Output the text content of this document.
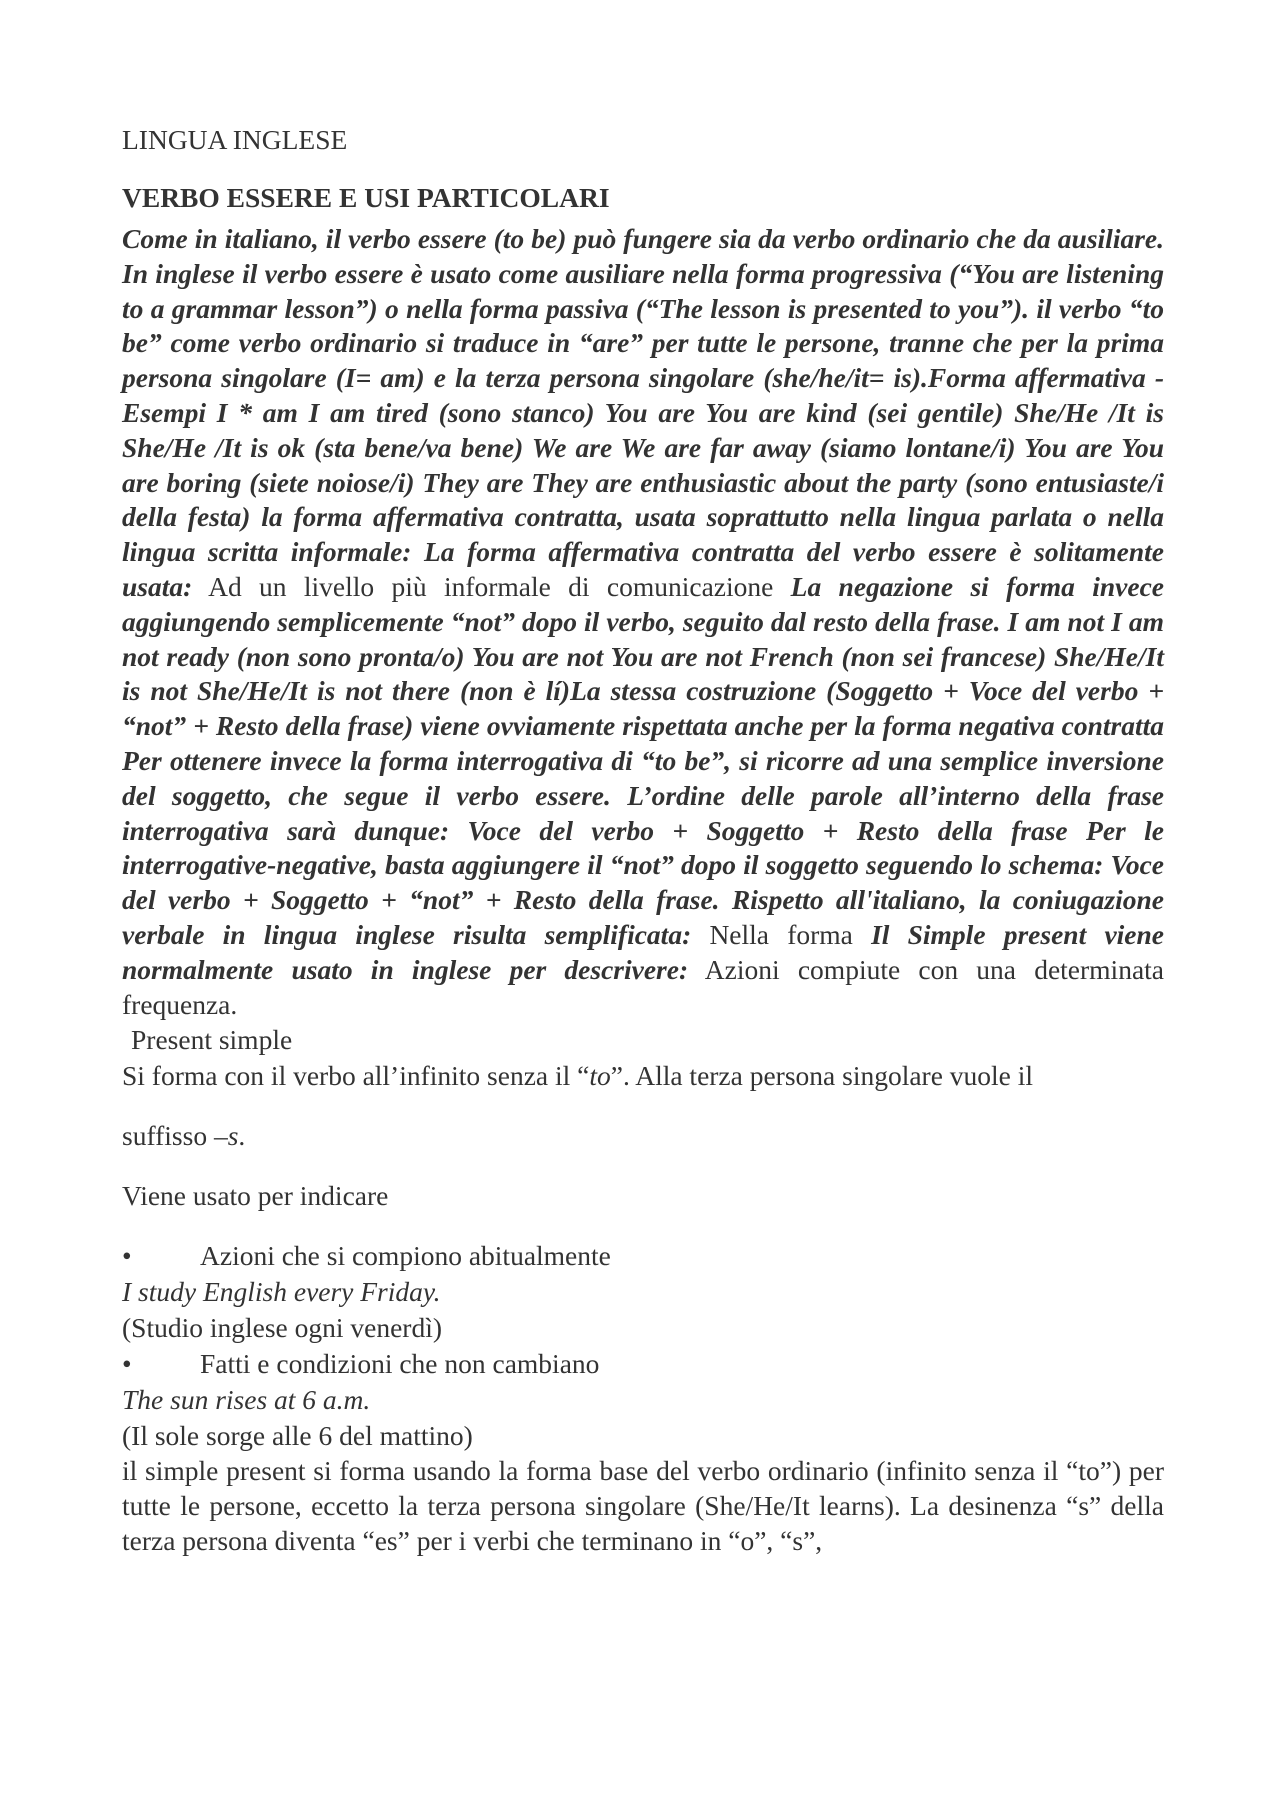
LINGUA INGLESE

VERBO ESSERE E USI PARTICOLARI

Come in italiano, il verbo essere (to be) può fungere sia da verbo ordinario che da ausiliare. In inglese il verbo essere è usato come ausiliare nella forma progressiva (“You are listening to a grammar lesson”) o nella forma passiva (“The lesson is presented to you”). il verbo “to be” come verbo ordinario si traduce in “are” per tutte le persone, tranne che per la prima persona singolare (I= am) e la terza persona singolare (she/he/it= is).Forma affermativa - Esempi I * am I am tired (sono stanco) You are You are kind (sei gentile) She/He /It is She/He /It is ok (sta bene/va bene) We are We are far away (siamo lontane/i) You are You are boring (siete noiose/i) They are They are enthusiastic about the party (sono entusiaste/i della festa) la forma affermativa contratta, usata soprattutto nella lingua parlata o nella lingua scritta informale: La forma affermativa contratta del verbo essere è solitamente usata: Ad un livello più informale di comunicazione La negazione si forma invece aggiungendo semplicemente “not” dopo il verbo, seguito dal resto della frase. I am not I am not ready (non sono pronta/o) You are not You are not French (non sei francese) She/He/It is not She/He/It is not there (non è lí)La stessa costruzione (Soggetto + Voce del verbo + “not” + Resto della frase) viene ovviamente rispettata anche per la forma negativa contratta Per ottenere invece la forma interrogativa di “to be”, si ricorre ad una semplice inversione del soggetto, che segue il verbo essere. L’ordine delle parole all’interno della frase interrogativa sarà dunque: Voce del verbo + Soggetto + Resto della frase Per le interrogative-negative, basta aggiungere il “not” dopo il soggetto seguendo lo schema: Voce del verbo + Soggetto + “not” + Resto della frase. Rispetto all'italiano, la coniugazione verbale in lingua inglese risulta semplificata: Nella forma Il Simple present viene normalmente usato in inglese per descrivere: Azioni compiute con una determinata frequenza.

Present simple

Si forma con il verbo all’infinito senza il “to”. Alla terza persona singolare vuole il

suffisso –s.

Viene usato per indicare

•	Azioni che si compiono abitualmente

I study English every Friday.

(Studio inglese ogni venerdì)

•	Fatti e condizioni che non cambiano

The sun rises at 6 a.m.

(Il sole sorge alle 6 del mattino)

il simple present si forma usando la forma base del verbo ordinario (infinito senza il “to”) per tutte le persone, eccetto la terza persona singolare (She/He/It learns). La desinenza “s” della terza persona diventa “es” per i verbi che terminano in “o”, “s”,
